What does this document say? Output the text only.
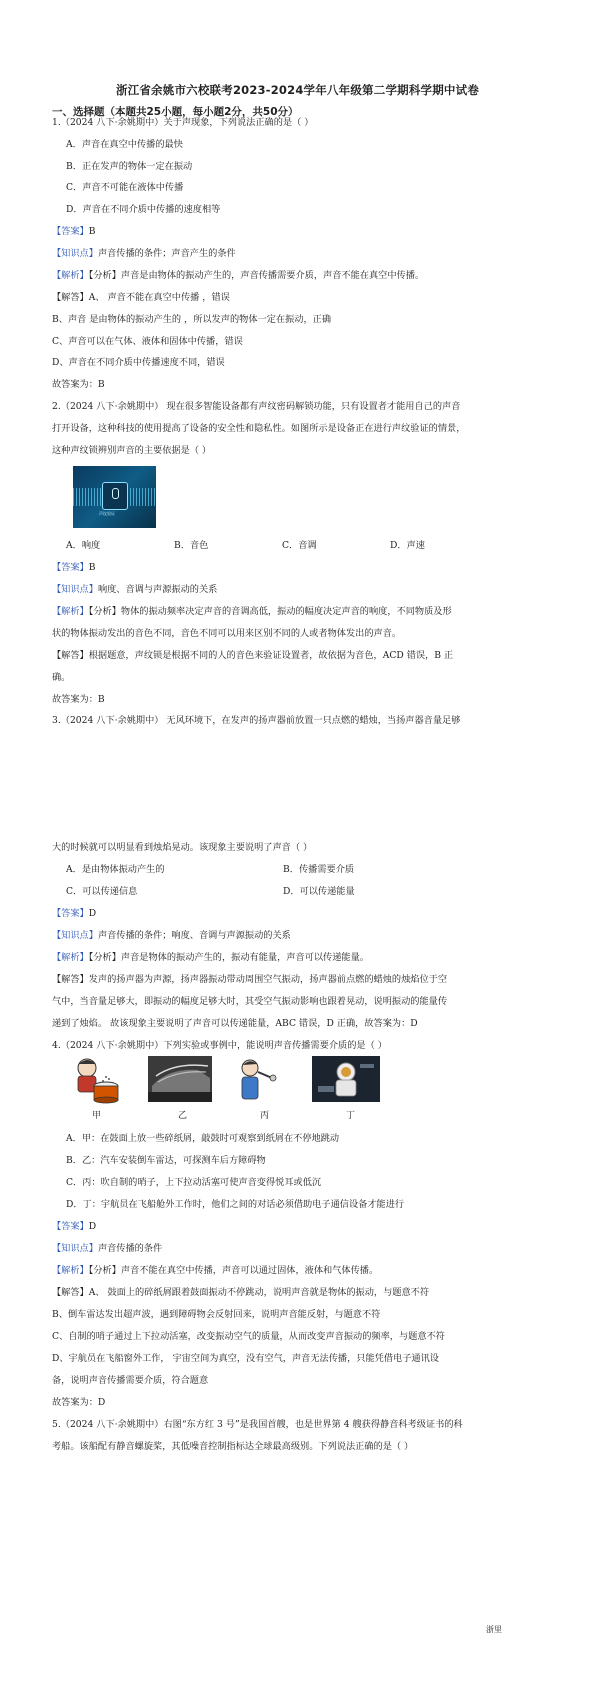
浙江省余姚市六校联考2023-2024学年八年级第二学期科学期中试卷
一、选择题（本题共25小题，每小题2分，共50分）
1.（2024 八下·余姚期中）关于声现象，下列说法正确的是（ ）
A．声音在真空中传播的最快
B．正在发声的物体一定在振动
C．声音不可能在液体中传播
D．声音在不同介质中传播的速度相等
【答案】B
【知识点】声音传播的条件；声音产生的条件
【解析】【分析】声音是由物体的振动产生的，声音传播需要介质，声音不能在真空中传播。
【解答】A、 声音不能在真空中传播 ，错误
B、声音 是由物体的振动产生的 ，所以发声的物体一定在振动，正确
C、声音可以在气体、液体和固体中传播，错误
D、声音在不同介质中传播速度不同，错误
故答案为：B
2.（2024 八下·余姚期中） 现在很多智能设备都有声纹密码解锁功能，只有设置者才能用自己的声音
打开设备，这种科技的使用提高了设备的安全性和隐私性。如图所示是设备正在进行声纹验证的情景，
这种声纹锁辨别声音的主要依据是（ ）
声纹验证
A．响度	B．音色	C．音调	D．声速
【答案】B
【知识点】响度、音调与声源振动的关系
【解析】【分析】物体的振动频率决定声音的音调高低，振动的幅度决定声音的响度，不同物质及形
状的物体振动发出的音色不同，音色不同可以用来区别不同的人或者物体发出的声音。
【解答】根据题意，声纹锁是根据不同的人的音色来验证设置者，故依据为音色，ACD 错误，B 正
确。
故答案为：B
3.（2024 八下·余姚期中） 无风环境下，在发声的扬声器前放置一只点燃的蜡烛，当扬声器音量足够
大的时候就可以明显看到烛焰晃动。该现象主要说明了声音（ ）
A．是由物体振动产生的	B．传播需要介质
C．可以传递信息	D．可以传递能量
【答案】D
【知识点】声音传播的条件；响度、音调与声源振动的关系
【解析】【分析】声音是物体的振动产生的，振动有能量，声音可以传递能量。
【解答】发声的扬声器为声源，扬声器振动带动周围空气振动，扬声器前点燃的蜡烛的烛焰位于空
气中，当音量足够大，即振动的幅度足够大时，其受空气振动影响也跟着晃动，说明振动的能量传
递到了烛焰。 故该现象主要说明了声音可以传递能量，ABC 错误，D 正确，故答案为：D
4.（2024 八下·余姚期中）下列实验或事例中，能说明声音传播需要介质的是（ ）
甲	乙	丙	丁
A．甲：在鼓面上放一些碎纸屑，敲鼓时可观察到纸屑在不停地跳动
B．乙：汽车安装倒车雷达，可探测车后方障碍物
C．丙：吹自制的哨子，上下拉动活塞可使声音变得悦耳或低沉
D．丁：宇航员在飞船舱外工作时，他们之间的对话必须借助电子通信设备才能进行
【答案】D
【知识点】声音传播的条件
【解析】【分析】声音不能在真空中传播，声音可以通过固体，液体和气体传播。
【解答】A、 鼓面上的碎纸屑跟着鼓面振动不停跳动，说明声音就是物体的振动，与题意不符
B、倒车雷达发出超声波，遇到障碍物会反射回来，说明声音能反射，与题意不符
C、自制的哨子通过上下拉动活塞，改变振动空气的质量，从而改变声音振动的频率，与题意不符
D、宇航员在飞船窗外工作， 宇宙空间为真空，没有空气，声音无法传播，只能凭借电子通讯设
备，说明声音传播需要介质，符合题意
故答案为：D
5.（2024 八下·余姚期中）右图“东方红 3 号”是我国首艘，也是世界第 4 艘获得静音科考级证书的科
考船。该船配有静音螺旋桨，其低噪音控制指标达全球最高级别。下列说法正确的是（ ）
浙里
